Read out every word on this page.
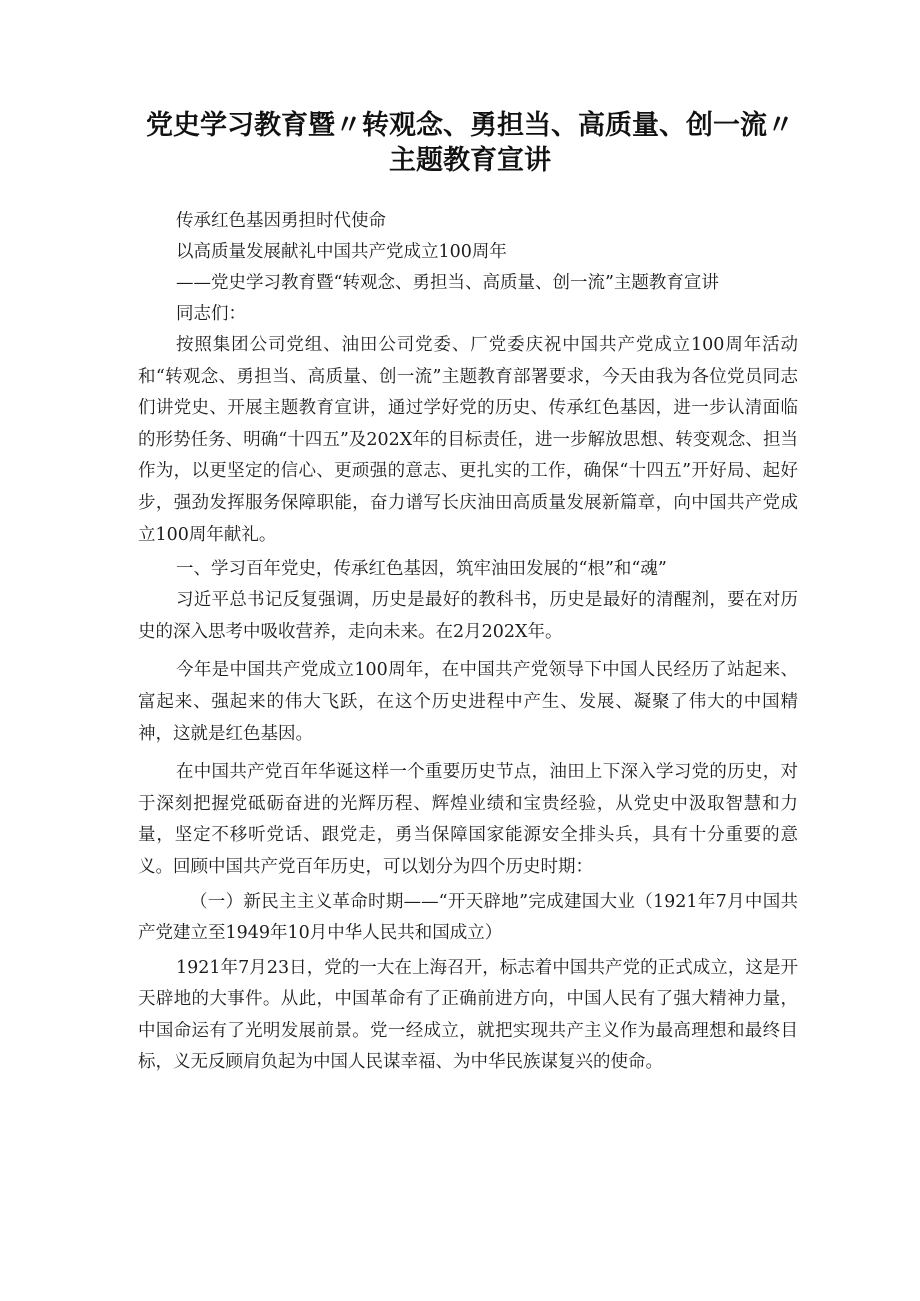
党史学习教育暨〃转观念、勇担当、高质量、创一流〃主题教育宣讲

传承红色基因勇担时代使命

以高质量发展献礼中国共产党成立100周年

——党史学习教育暨“转观念、勇担当、高质量、创一流”主题教育宣讲

同志们：

按照集团公司党组、油田公司党委、厂党委庆祝中国共产党成立100周年活动和“转观念、勇担当、高质量、创一流”主题教育部署要求，今天由我为各位党员同志们讲党史、开展主题教育宣讲，通过学好党的历史、传承红色基因，进一步认清面临的形势任务、明确“十四五”及202X年的目标责任，进一步解放思想、转变观念、担当作为，以更坚定的信心、更顽强的意志、更扎实的工作，确保“十四五”开好局、起好步，强劲发挥服务保障职能，奋力谱写长庆油田高质量发展新篇章，向中国共产党成立100周年献礼。

一、学习百年党史，传承红色基因，筑牢油田发展的“根”和“魂”

习近平总书记反复强调，历史是最好的教科书，历史是最好的清醒剂，要在对历史的深入思考中吸收营养，走向未来。在2月202X年。

今年是中国共产党成立100周年，在中国共产党领导下中国人民经历了站起来、富起来、强起来的伟大飞跃，在这个历史进程中产生、发展、凝聚了伟大的中国精神，这就是红色基因。

在中国共产党百年华诞这样一个重要历史节点，油田上下深入学习党的历史，对于深刻把握党砥砺奋进的光辉历程、辉煌业绩和宝贵经验，从党史中汲取智慧和力量，坚定不移听党话、跟党走，勇当保障国家能源安全排头兵，具有十分重要的意义。回顾中国共产党百年历史，可以划分为四个历史时期：

（一）新民主主义革命时期——“开天辟地”完成建国大业（1921年7月中国共产党建立至1949年10月中华人民共和国成立）

1921年7月23日，党的一大在上海召开，标志着中国共产党的正式成立，这是开天辟地的大事件。从此，中国革命有了正确前进方向，中国人民有了强大精神力量，中国命运有了光明发展前景。党一经成立，就把实现共产主义作为最高理想和最终目标，义无反顾肩负起为中国人民谋幸福、为中华民族谋复兴的使命。
